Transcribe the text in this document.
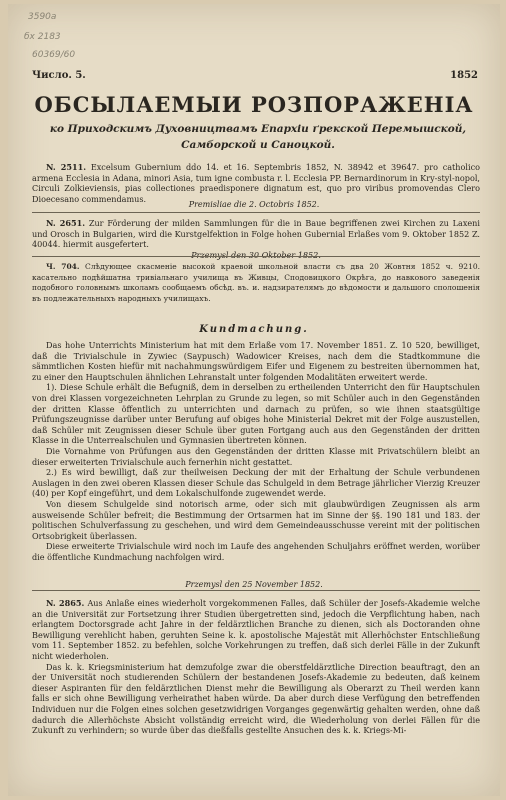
3590a
бх 2183
60369/60
Число. 5.	1852
ОБСЫЛАЕМЫИ РОЗПОРАЖЕНІА
ко Приходскимъ Духовництвамъ Епархіи ґрекской Перемышской,
Самборской и Саноцкой.

N. 2511. Excelsum Gubernium ddo 14. et 16. Septembris 1852, N. 38942 et 39647. pro catholico armena Ecclesia in Adana, minori Asia, tum igne combusta r. l. Ecclesia PP. Bernardinorum in Kry-styl-nopol, Circuli Zolkieviensis, pias collectiones praedisponere dignatum est, quo pro viribus promovendas Clero Dioecesano commendamus.

Premisliae die 2. Octobris 1852.

N. 2651. Zur Förderung der milden Sammlungen für die in Baue begriffenen zwei Kirchen zu Laxeni und Orosch in Bulgarien, wird die Kurstgelfektion in Folge hohen Gubernial Erlaßes vom 9. Oktober 1852 Z. 40044. hiermit ausgefertert.

Przemysl den 30 Oktober 1852.

Ч. 704. Слѣдующее скасменіе высокой краевой школьной власти съ два 20 Жовтня 1852 ч. 9210. касательно подѣйшатна тривіальнаго училища въ Живцы, Сподовицкого Окрѣга, до навкового заведенія подобного головнымъ школамъ сообщаемъ обсѣд. въ. и. надзирателямъ до вѣдомости и дальшого сполошенія въ подлежательныхъ народныхъ училищахъ.

Kundmachung.

Das hohe Unterrichts Ministerium hat mit dem Erlaße vom 17. November 1851. Z. 10 520, bewilliget, daß die Trivialschule in Zywiec (Saypusch) Wadowicer Kreises, nach dem die Stadtkommune die sämmtlichen Kosten hiefür mit nachahmungswürdigem Eifer und Eigenem zu bestreiten übernommen hat, zu einer den Hauptschulen ähnlichen Lehranstalt unter folgenden Modalitäten erweitert werde.

1). Diese Schule erhält die Befugniß, dem in derselben zu ertheilenden Unterricht den für Hauptschulen von drei Klassen vorgezeichneten Lehrplan zu Grunde zu legen, so mit Schüler auch in den Gegenständen der dritten Klasse öffentlich zu unterrichten und darnach zu prüfen, so wie ihnen staatsgültige Prüfungszeugnisse darüber unter Berufung auf obiges hohe Ministerial Dekret mit der Folge auszustellen, daß Schüler mit Zeugnissen dieser Schule über guten Fortgang auch aus den Gegenständen der dritten Klasse in die Unterrealschulen und Gymnasien übertreten können.

Die Vornahme von Prüfungen aus den Gegenständen der dritten Klasse mit Privatschülern bleibt an dieser erweiterten Trivialschule auch fernerhin nicht gestattet.

2.) Es wird bewilligt, daß zur theilweisen Deckung der mit der Erhaltung der Schule verbundenen Auslagen in den zwei oberen Klassen dieser Schule das Schulgeld in dem Betrage jährlicher Vierzig Kreuzer (40) per Kopf eingeführt, und dem Lokalschulfonde zugewendet werde.

Von diesem Schulgelde sind notorisch arme, oder sich mit glaubwürdigen Zeugnissen als arm ausweisende Schüler befreit; die Bestimmung der Ortsarmen hat im Sinne der §§. 190 181 und 183. der politischen Schulverfassung zu geschehen, und wird dem Gemeindeausschusse vereint mit der politischen Ortsobrigkeit überlassen.

Diese erweiterte Trivialschule wird noch im Laufe des angehenden Schuljahrs eröffnet werden, worüber die öffentliche Kundmachung nachfolgen wird.

Przemysl den 25 November 1852.

N. 2865. Aus Anlaße eines wiederholt vorgekommenen Falles, daß Schüler der Josefs-Akademie welche an die Universität zur Fortsetzung ihrer Studien übergetretten sind, jedoch die Verpflichtung haben, nach erlangtem Doctorsgrade acht Jahre in der feldärztlichen Branche zu dienen, sich als Doctoranden ohne Bewilligung verehlicht haben, geruhten Seine k. k. apostolische Majestät mit Allerhöchster Entschließung vom 11. September 1852. zu befehlen, solche Vorkehrungen zu treffen, daß sich derlei Fälle in der Zukunft nicht wiederholen.

Das k. k. Kriegsministerium hat demzufolge zwar die oberstfeldärztliche Direction beauftragt, den an der Universität noch studierenden Schülern der bestandenen Josefs-Akademie zu bedeuten, daß keinem dieser Aspiranten für den feldärztlichen Dienst mehr die Bewilligung als Oberarzt zu Theil werden kann falls er sich ohne Bewilligung verheirathet haben würde. Da aber durch diese Verfügung den betreffenden Individuen nur die Folgen eines solchen gesetzwidrigen Vorganges gegenwärtig gehalten werden, ohne daß dadurch die Allerhöchste Absicht vollständig erreicht wird, die Wiederholung von derlei Fällen für die Zukunft zu verhindern; so wurde über das dießfalls gestellte Ansuchen des k. k. Kriegs-Mi-
